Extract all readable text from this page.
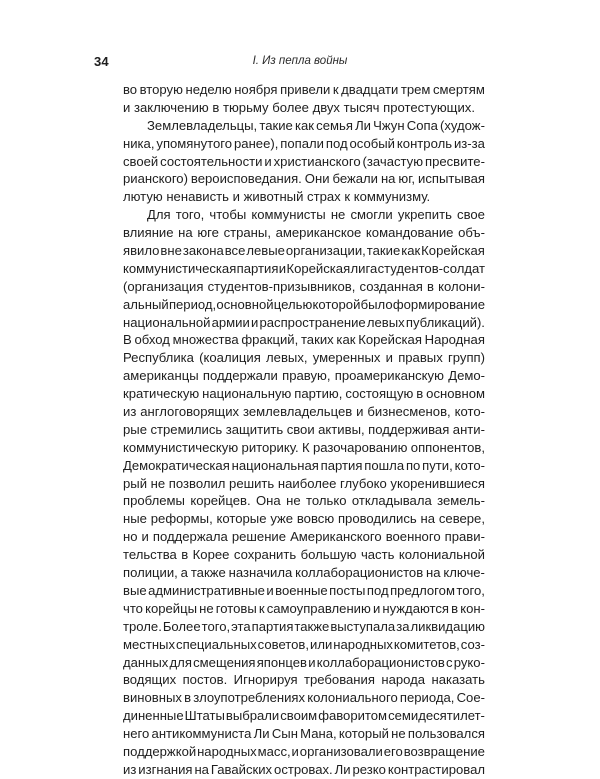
34	I. Из пепла войны
во вторую неделю ноября привели к двадцати трем смертям
и заключению в тюрьму более двух тысяч протестующих.
Землевладельцы, такие как семья Ли Чжун Сопа (худож-
ника, упомянутого ранее), попали под особый контроль из-за
своей состоятельности и христианского (зачастую пресвите-
рианского) вероисповедания. Они бежали на юг, испытывая
лютую ненависть и животный страх к коммунизму.
Для того, чтобы коммунисты не смогли укрепить свое
влияние на юге страны, американское командование объ-
явило вне закона все левые организации, такие как Корейская
коммунистическая партия и Корейская лига студентов-солдат
(организация студентов-призывников, созданная в колони-
альный период, основной целью которой было формирование
национальной армии и распространение левых публикаций).
В обход множества фракций, таких как Корейская Народная
Республика (коалиция левых, умеренных и правых групп)
американцы поддержали правую, проамериканскую Демо-
кратическую национальную партию, состоящую в основном
из англоговорящих землевладельцев и бизнесменов, кото-
рые стремились защитить свои активы, поддерживая анти-
коммунистическую риторику. К разочарованию оппонентов,
Демократическая национальная партия пошла по пути, кото-
рый не позволил решить наиболее глубоко укоренившиеся
проблемы корейцев. Она не только откладывала земель-
ные реформы, которые уже вовсю проводились на севере,
но и поддержала решение Американского военного прави-
тельства в Корее сохранить большую часть колониальной
полиции, а также назначила коллаборационистов на ключе-
вые административные и военные посты под предлогом того,
что корейцы не готовы к самоуправлению и нуждаются в кон-
троле. Более того, эта партия также выступала за ликвидацию
местных специальных советов, или народных комитетов, соз-
данных для смещения японцев и коллаборационистов с руко-
водящих постов. Игнорируя требования народа наказать
виновных в злоупотреблениях колониального периода, Сое-
диненные Штаты выбрали своим фаворитом семидесятилет-
него антикоммуниста Ли Сын Мана, который не пользовался
поддержкой народных масс, и организовали его возвращение
из изгнания на Гавайских островах. Ли резко контрастировал
